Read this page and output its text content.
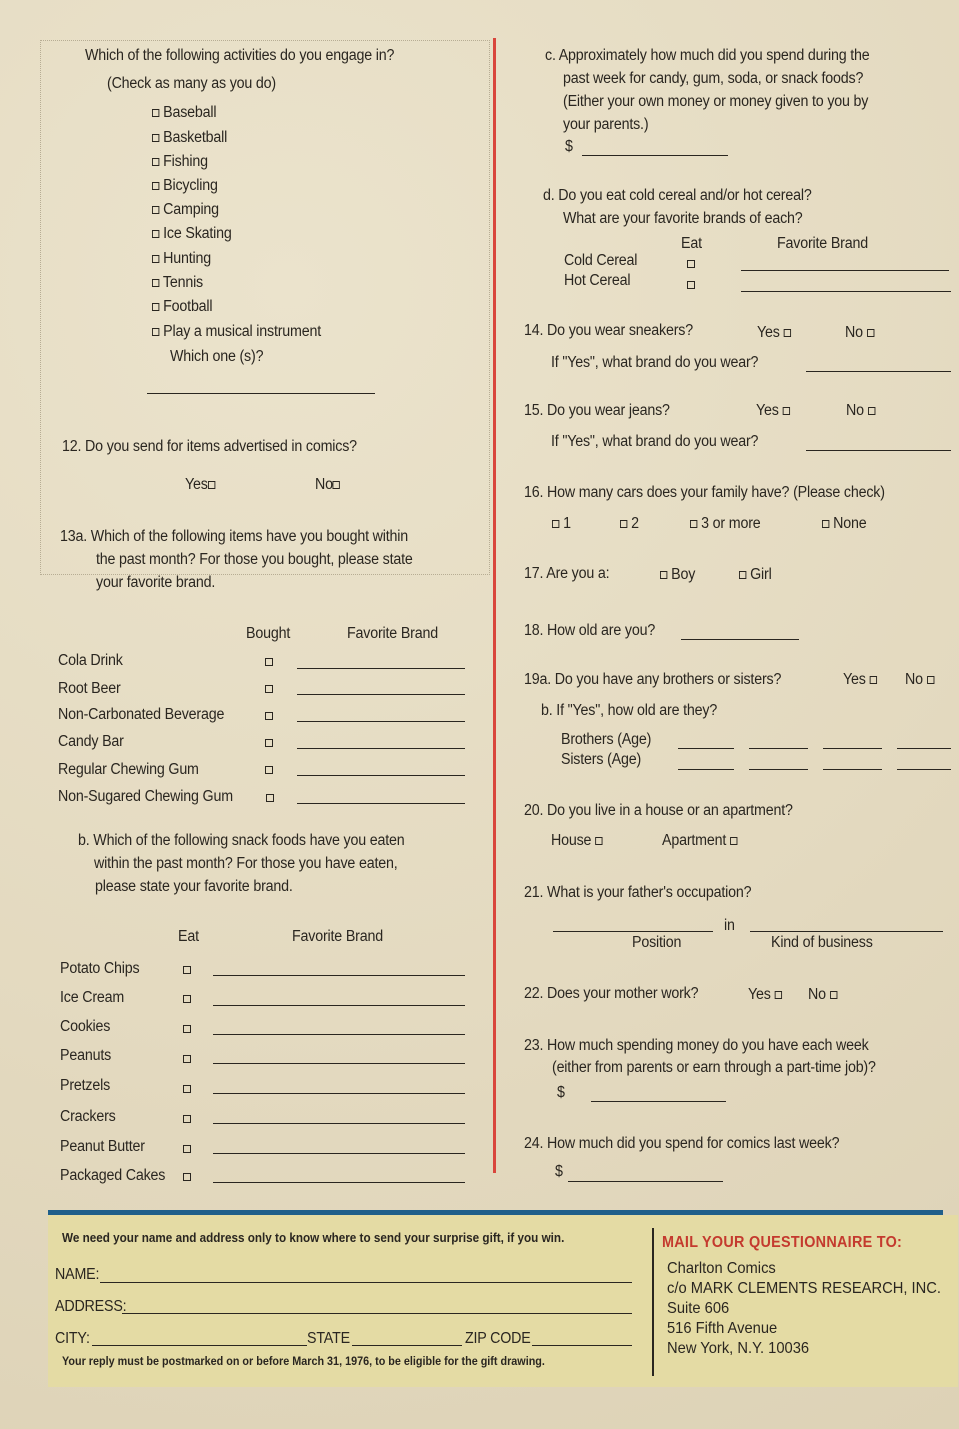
Which of the following activities do you engage in?
(Check as many as you do)
Baseball
Basketball
Fishing
Bicycling
Camping
Ice Skating
Hunting
Tennis
Football
Play a musical instrument
Which one (s)?
12. Do you send for items advertised in comics?
Yes	No
13a. Which of the following items have you bought within
the past month? For those you bought, please state
your favorite brand.
Bought	Favorite Brand
Cola Drink
Root Beer
Non-Carbonated Beverage
Candy Bar
Regular Chewing Gum
Non-Sugared Chewing Gum
b. Which of the following snack foods have you eaten
within the past month? For those you have eaten,
please state your favorite brand.
Eat	Favorite Brand
Potato Chips
Ice Cream
Cookies
Peanuts
Pretzels
Crackers
Peanut Butter
Packaged Cakes
c. Approximately how much did you spend during the
past week for candy, gum, soda, or snack foods?
(Either your own money or money given to you by
your parents.)
$
d. Do you eat cold cereal and/or hot cereal?
What are your favorite brands of each?
Eat	Favorite Brand
Cold Cereal
Hot Cereal
14. Do you wear sneakers?	Yes	No
If "Yes", what brand do you wear?
15. Do you wear jeans?	Yes	No
If "Yes", what brand do you wear?
16. How many cars does your family have? (Please check)
1	2	3 or more	None
17. Are you a:	Boy	Girl
18. How old are you?
19a. Do you have any brothers or sisters?	Yes	No
b. If "Yes", how old are they?
Brothers (Age)
Sisters (Age)
20. Do you live in a house or an apartment?
House	Apartment
21. What is your father's occupation?
in
Position	Kind of business
22. Does your mother work?	Yes	No
23. How much spending money do you have each week
(either from parents or earn through a part-time job)?
$
24. How much did you spend for comics last week?
$
We need your name and address only to know where to send your surprise gift, if you win.
NAME:
ADDRESS:
CITY:	STATE	ZIP CODE
Your reply must be postmarked on or before March 31, 1976, to be eligible for the gift drawing.
MAIL YOUR QUESTIONNAIRE TO:
Charlton Comics
c/o MARK CLEMENTS RESEARCH, INC.
Suite 606
516 Fifth Avenue
New York, N.Y. 10036
